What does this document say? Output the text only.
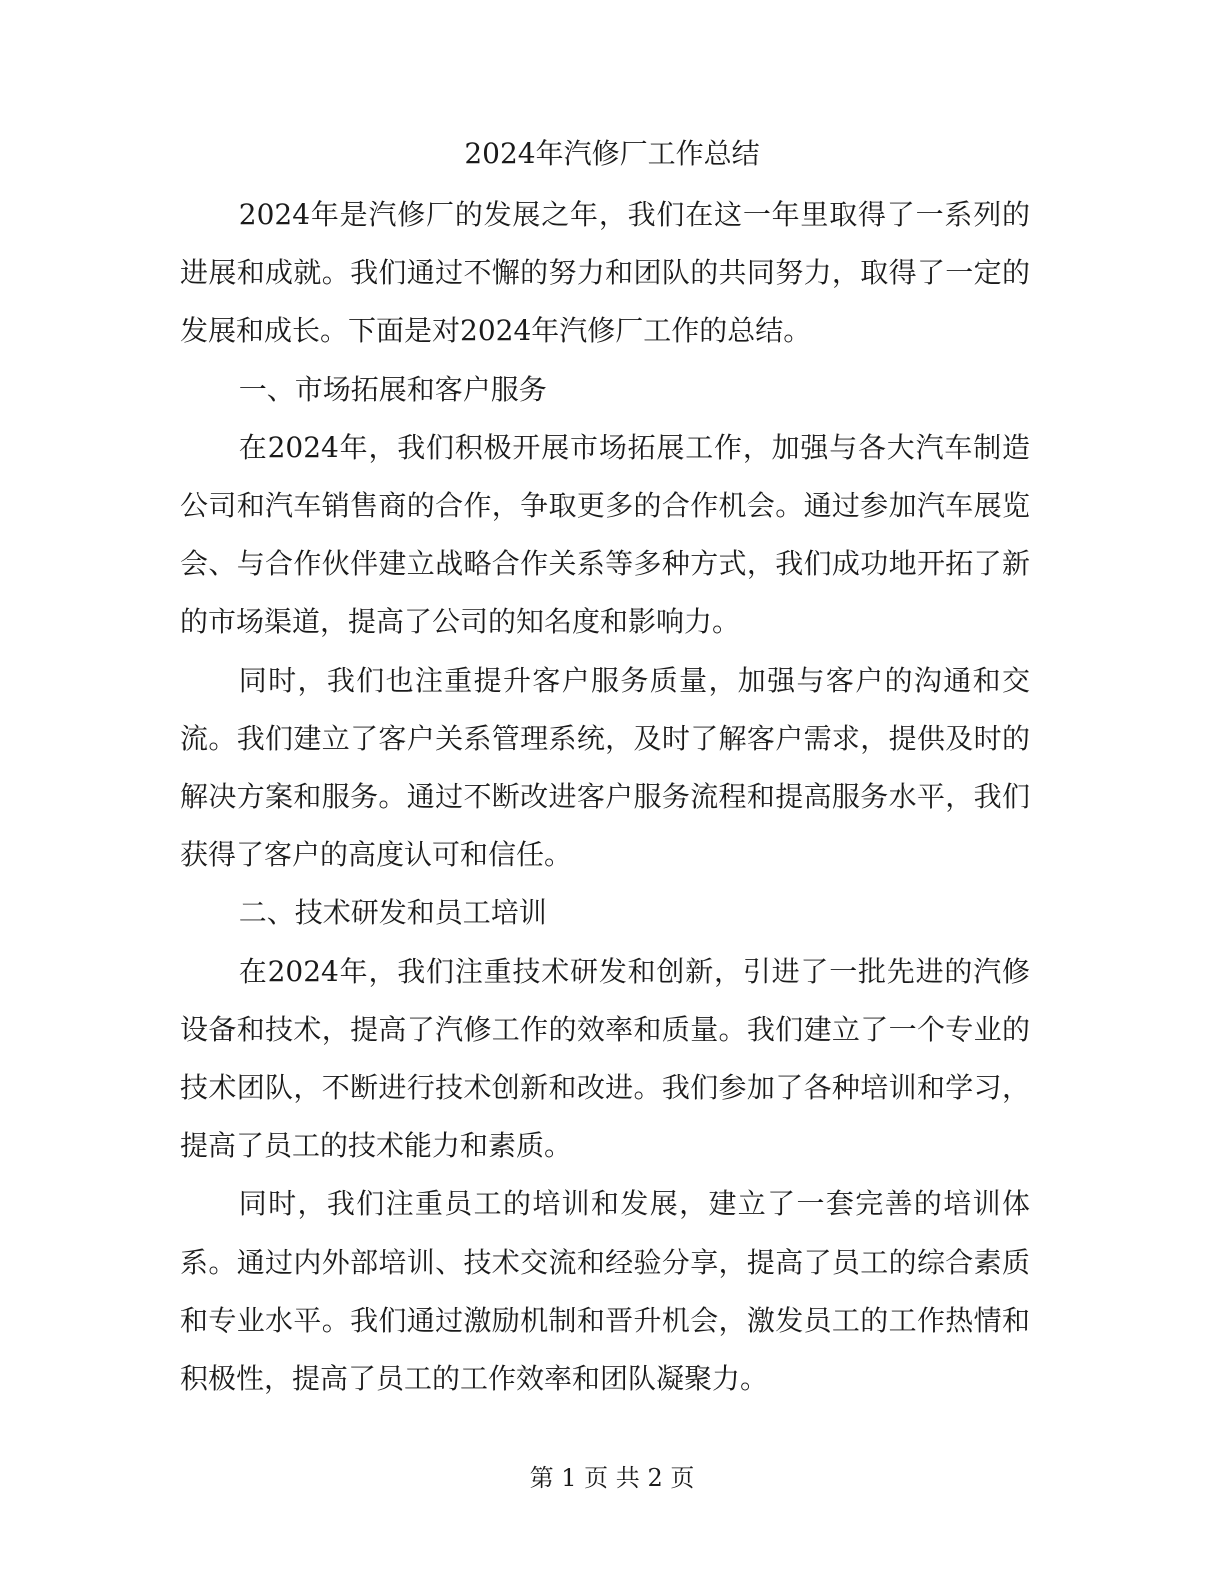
2024年汽修厂工作总结

2024年是汽修厂的发展之年，我们在这一年里取得了一系列的进展和成就。我们通过不懈的努力和团队的共同努力，取得了一定的发展和成长。下面是对2024年汽修厂工作的总结。

一、市场拓展和客户服务

在2024年，我们积极开展市场拓展工作，加强与各大汽车制造公司和汽车销售商的合作，争取更多的合作机会。通过参加汽车展览会、与合作伙伴建立战略合作关系等多种方式，我们成功地开拓了新的市场渠道，提高了公司的知名度和影响力。

同时，我们也注重提升客户服务质量，加强与客户的沟通和交流。我们建立了客户关系管理系统，及时了解客户需求，提供及时的解决方案和服务。通过不断改进客户服务流程和提高服务水平，我们获得了客户的高度认可和信任。

二、技术研发和员工培训

在2024年，我们注重技术研发和创新，引进了一批先进的汽修设备和技术，提高了汽修工作的效率和质量。我们建立了一个专业的技术团队，不断进行技术创新和改进。我们参加了各种培训和学习，提高了员工的技术能力和素质。

同时，我们注重员工的培训和发展，建立了一套完善的培训体系。通过内外部培训、技术交流和经验分享，提高了员工的综合素质和专业水平。我们通过激励机制和晋升机会，激发员工的工作热情和积极性，提高了员工的工作效率和团队凝聚力。

第 1 页 共 2 页
